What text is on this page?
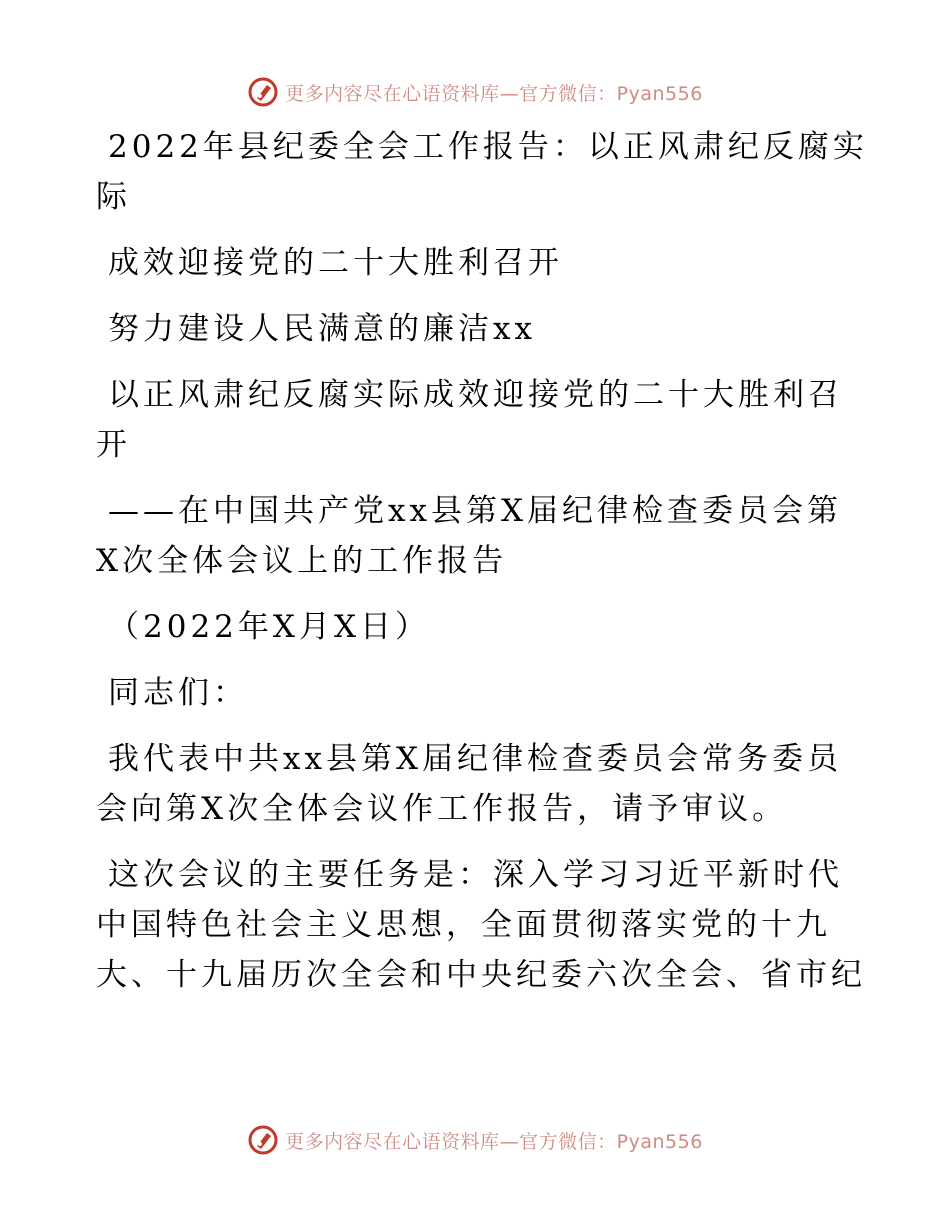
更多内容尽在心语资料库—官方微信：Pyan556
2022年县纪委全会工作报告：以正风肃纪反腐实
际
成效迎接党的二十大胜利召开
努力建设人民满意的廉洁xx
以正风肃纪反腐实际成效迎接党的二十大胜利召
开
——在中国共产党xx县第X届纪律检查委员会第
X次全体会议上的工作报告
（2022年X月X日）
同志们：
我代表中共xx县第X届纪律检查委员会常务委员
会向第X次全体会议作工作报告，请予审议。
这次会议的主要任务是：深入学习习近平新时代
中国特色社会主义思想，全面贯彻落实党的十九
大、十九届历次全会和中央纪委六次全会、省市纪
更多内容尽在心语资料库—官方微信：Pyan556
